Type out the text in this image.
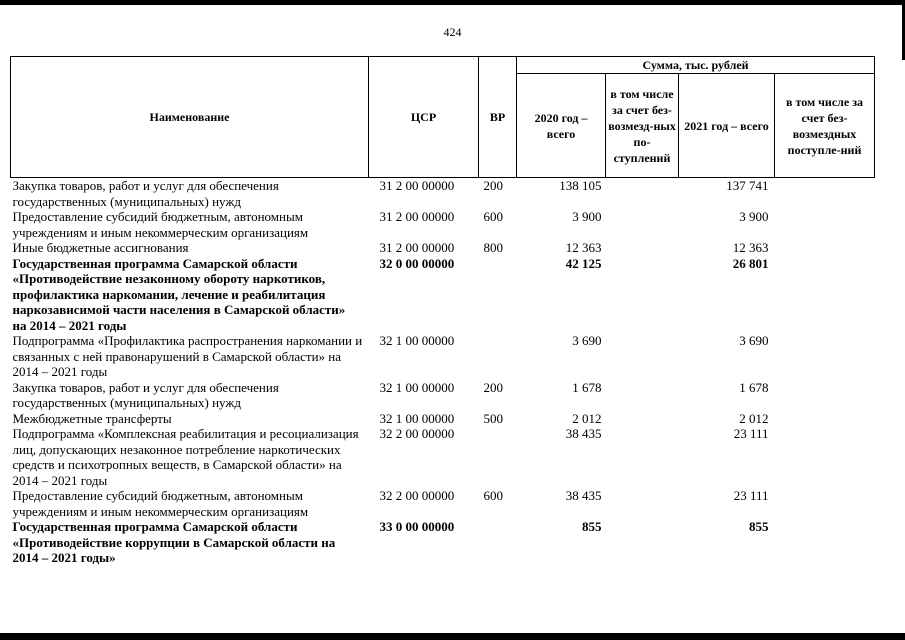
424
Наименование	ЦСР	ВР	Сумма, тыс. рублей			
			2020 год – всего	в том числе за счет без-возмезд-ных по-ступлений	2021 год – всего	в том числе за счет без-возмездных поступле-ний
Закупка товаров, работ и услуг для обеспечения государственных (муниципальных) нужд	31 2 00 00000	200	138 105		137 741	
Предоставление субсидий бюджетным, автономным учреждениям и иным некоммерческим организациям	31 2 00 00000	600	3 900		3 900	
Иные бюджетные ассигнования	31 2 00 00000	800	12 363		12 363	
Государственная программа Самарской области «Противодействие незаконному обороту наркотиков, профилактика наркомании, лечение и реабилитация наркозависимой части населения в Самарской области» на 2014 – 2021 годы	32 0 00 00000		42 125		26 801	
Подпрограмма «Профилактика распространения наркомании и связанных с ней правонарушений в Самарской области» на 2014 – 2021 годы	32 1 00 00000		3 690		3 690	
Закупка товаров, работ и услуг для обеспечения государственных (муниципальных) нужд	32 1 00 00000	200	1 678		1 678	
Межбюджетные трансферты	32 1 00 00000	500	2 012		2 012	
Подпрограмма «Комплексная реабилитация и ресоциализация лиц, допускающих незаконное потребление наркотических средств и психотропных веществ, в Самарской области» на 2014 – 2021 годы	32 2 00 00000		38 435		23 111	
Предоставление субсидий бюджетным, автономным учреждениям и иным некоммерческим организациям	32 2 00 00000	600	38 435		23 111	
Государственная программа Самарской области «Противодействие коррупции в Самарской области на 2014 – 2021 годы»	33 0 00 00000		855		855	
